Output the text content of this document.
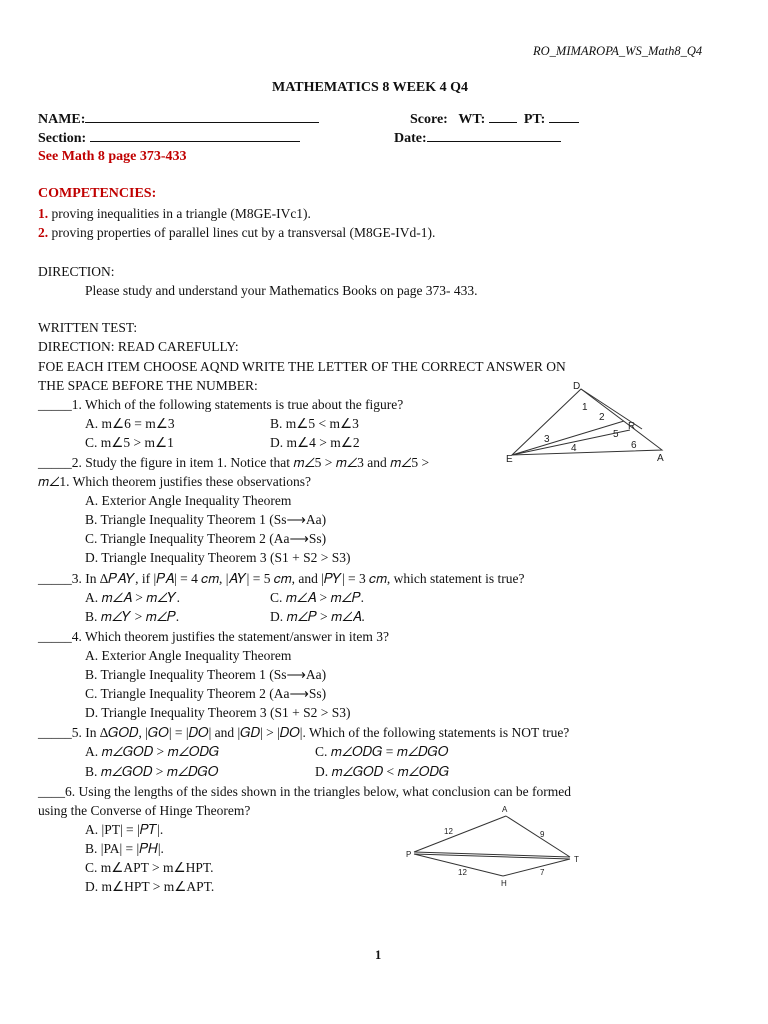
RO_MIMAROPA_WS_Math8_Q4
MATHEMATICS 8 WEEK 4 Q4
NAME:	Score: WT:	PT:
Section:	Date:
See Math 8 page 373-433
COMPETENCIES:
1. proving inequalities in a triangle (M8GE-IVc1).
2. proving properties of parallel lines cut by a transversal (M8GE-IVd-1).
DIRECTION:
Please study and understand your Mathematics Books on page 373- 433.
WRITTEN TEST:
DIRECTION: READ CAREFULLY:
FOE EACH ITEM CHOOSE AQND WRITE THE LETTER OF THE CORRECT ANSWER ON
THE SPACE BEFORE THE NUMBER:
_____1. Which of the following statements is true about the figure?
A. m∠6 = m∠3	B. m∠5 < m∠3
C. m∠5 > m∠1	D. m∠4 > m∠2
D
E	A
R
1
2
3
4
5
6
_____2. Study the figure in item 1. Notice that 𝑚∠5 > 𝑚∠3 and 𝑚∠5 >
𝑚∠1. Which theorem justifies these observations?
A. Exterior Angle Inequality Theorem
B. Triangle Inequality Theorem 1 (Ss⟶Aa)
C. Triangle Inequality Theorem 2 (Aa⟶Ss)
D. Triangle Inequality Theorem 3 (S1 + S2 > S3)
_____3. In ∆𝑃𝐴𝑌, if |𝑃𝐴| = 4 𝑐𝑚, |𝐴𝑌| = 5 𝑐𝑚, and |𝑃𝑌| = 3 𝑐𝑚, which statement is true?
A. 𝑚∠𝐴 > 𝑚∠𝑌.	C. 𝑚∠𝐴 > 𝑚∠𝑃.
B. 𝑚∠𝑌 > 𝑚∠𝑃.	D. 𝑚∠𝑃 > 𝑚∠𝐴.
_____4. Which theorem justifies the statement/answer in item 3?
A. Exterior Angle Inequality Theorem
B. Triangle Inequality Theorem 1 (Ss⟶Aa)
C. Triangle Inequality Theorem 2 (Aa⟶Ss)
D. Triangle Inequality Theorem 3 (S1 + S2 > S3)
_____5. In ∆𝐺𝑂𝐷, |𝐺𝑂| = |𝐷𝑂| and |𝐺𝐷| > |𝐷𝑂|. Which of the following statements is NOT true?
A. 𝑚∠𝐺𝑂𝐷 > 𝑚∠𝑂𝐷𝐺	C. 𝑚∠𝑂𝐷𝐺 = 𝑚∠𝐷𝐺𝑂
B. 𝑚∠𝐺𝑂𝐷 > 𝑚∠𝐷𝐺𝑂	D. 𝑚∠𝐺𝑂𝐷 < 𝑚∠𝑂𝐷𝐺
____6. Using the lengths of the sides shown in the triangles below, what conclusion can be formed
using the Converse of Hinge Theorem?
A. |PT| = |𝑃𝑇|.
B. |PA| = |𝑃𝐻|.
C. m∠APT > m∠HPT.
D. m∠HPT > m∠APT.
A
P
T
H
12	9
12	7
1
